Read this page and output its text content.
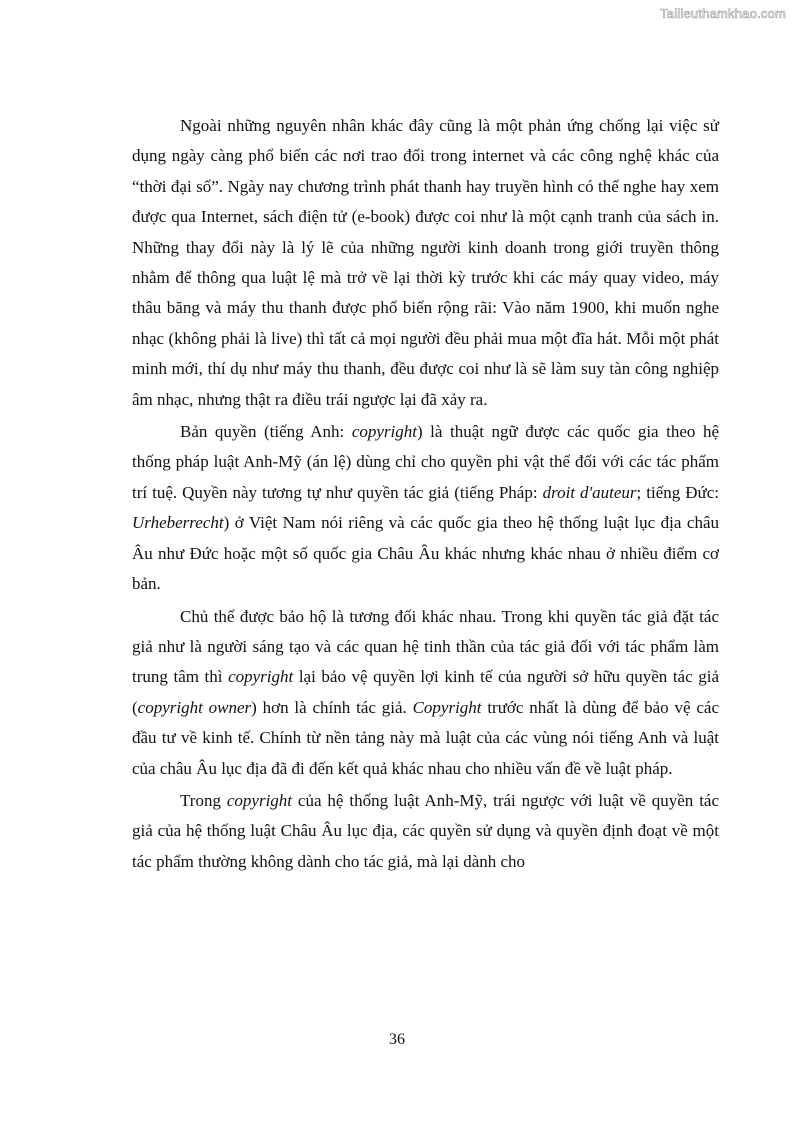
Tailieuthamkhao.com

Ngoài những nguyên nhân khác đây cũng là một phản ứng chống lại việc sử dụng ngày càng phổ biến các nơi trao đổi trong internet và các công nghệ khác của “thời đại số”. Ngày nay chương trình phát thanh hay truyền hình có thể nghe hay xem được qua Internet, sách điện tử (e-book) được coi như là một cạnh tranh của sách in. Những thay đổi này là lý lẽ của những người kinh doanh trong giới truyền thông nhằm để thông qua luật lệ mà trở về lại thời kỳ trước khi các máy quay video, máy thâu băng và máy thu thanh được phổ biến rộng rãi: Vào năm 1900, khi muốn nghe nhạc (không phải là live) thì tất cả mọi người đều phải mua một đĩa hát. Mỗi một phát minh mới, thí dụ như máy thu thanh, đều được coi như là sẽ làm suy tàn công nghiệp âm nhạc, nhưng thật ra điều trái ngược lại đã xảy ra.

Bản quyền (tiếng Anh: copyright) là thuật ngữ được các quốc gia theo hệ thống pháp luật Anh-Mỹ (án lệ) dùng chỉ cho quyền phi vật thể đối với các tác phẩm trí tuệ. Quyền này tương tự như quyền tác giả (tiếng Pháp: droit d'auteur; tiếng Đức: Urheberrecht) ở Việt Nam nói riêng và các quốc gia theo hệ thống luật lục địa châu Âu như Đức hoặc một số quốc gia Châu Âu khác nhưng khác nhau ở nhiều điểm cơ bản.

Chủ thể được bảo hộ là tương đối khác nhau. Trong khi quyền tác giả đặt tác giả như là người sáng tạo và các quan hệ tinh thần của tác giả đối với tác phẩm làm trung tâm thì copyright lại bảo vệ quyền lợi kinh tế của người sở hữu quyền tác giả (copyright owner) hơn là chính tác giả. Copyright trước nhất là dùng để bảo vệ các đầu tư về kinh tế. Chính từ nền tảng này mà luật của các vùng nói tiếng Anh và luật của châu Âu lục địa đã đi đến kết quả khác nhau cho nhiều vấn đề về luật pháp.

Trong copyright của hệ thống luật Anh-Mỹ, trái ngược với luật về quyền tác giả của hệ thống luật Châu Âu lục địa, các quyền sử dụng và quyền định đoạt về một tác phẩm thường không dành cho tác giả, mà lại dành cho

36
